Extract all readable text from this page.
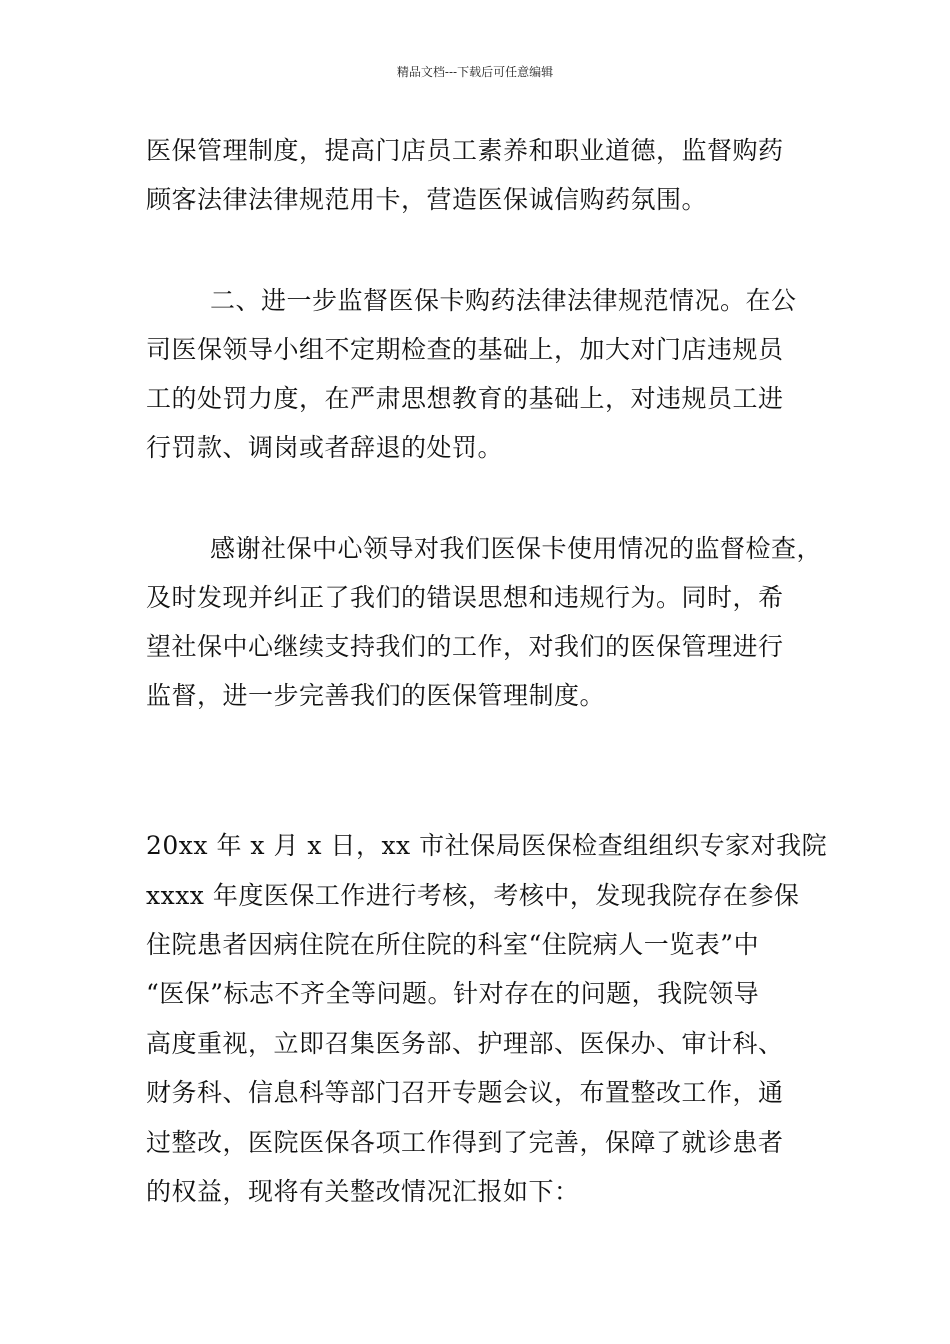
精品文档---下载后可任意编辑
医保管理制度，提高门店员工素养和职业道德，监督购药
顾客法律法律规范用卡，营造医保诚信购药氛围。
二、进一步监督医保卡购药法律法律规范情况。在公
司医保领导小组不定期检查的基础上，加大对门店违规员
工的处罚力度，在严肃思想教育的基础上，对违规员工进
行罚款、调岗或者辞退的处罚。
感谢社保中心领导对我们医保卡使用情况的监督检查，
及时发现并纠正了我们的错误思想和违规行为。同时，希
望社保中心继续支持我们的工作，对我们的医保管理进行
监督，进一步完善我们的医保管理制度。
20xx 年 x 月 x 日，xx 市社保局医保检查组组织专家对我院
xxxx 年度医保工作进行考核，考核中，发现我院存在参保
住院患者因病住院在所住院的科室“住院病人一览表”中
“医保”标志不齐全等问题。针对存在的问题，我院领导
高度重视，立即召集医务部、护理部、医保办、审计科、
财务科、信息科等部门召开专题会议，布置整改工作，通
过整改，医院医保各项工作得到了完善，保障了就诊患者
的权益，现将有关整改情况汇报如下：
